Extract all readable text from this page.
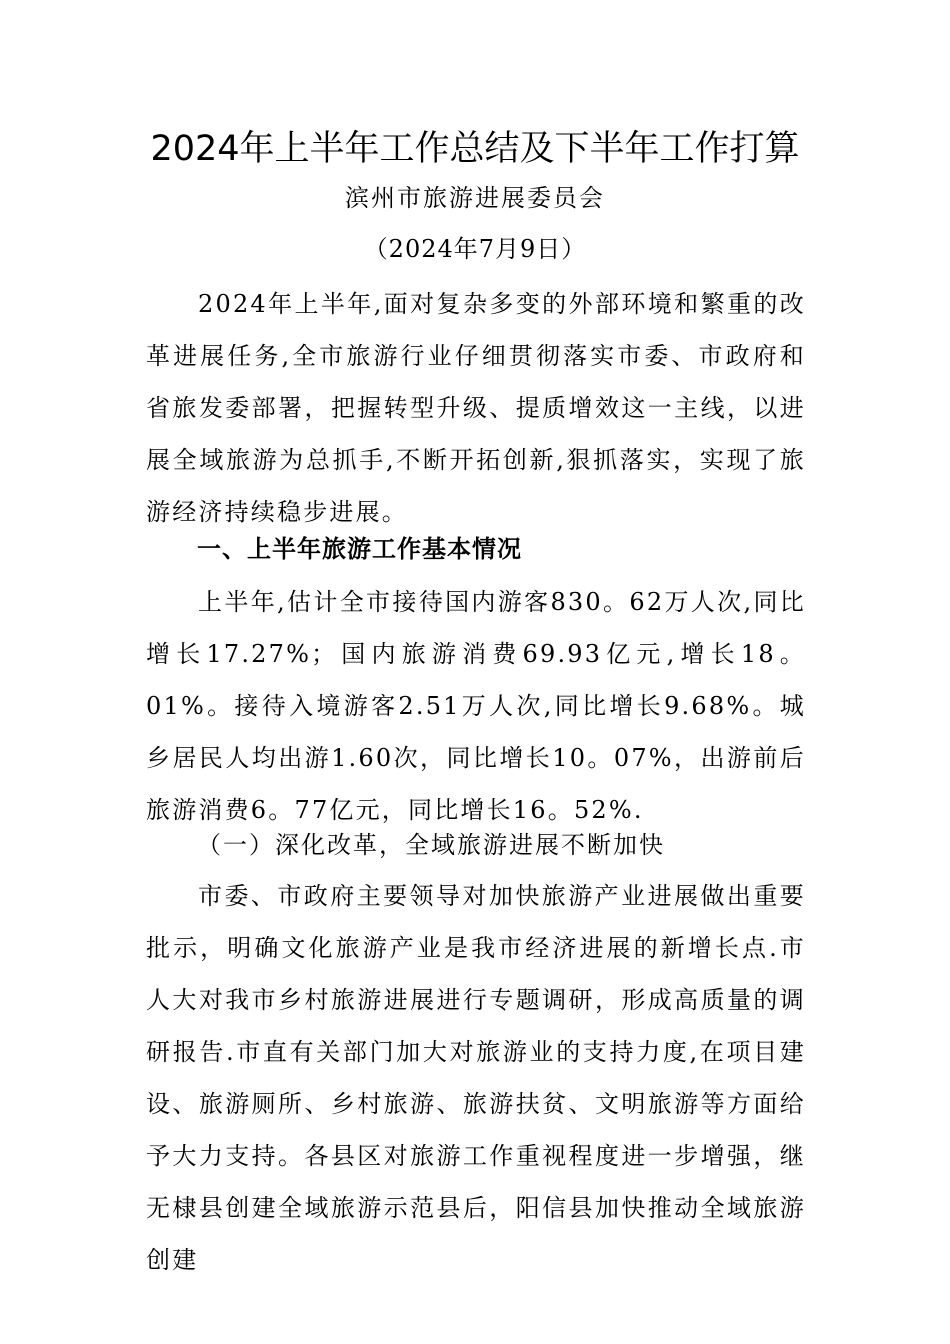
2024年上半年工作总结及下半年工作打算
滨州市旅游进展委员会
（2024年7月9日）

2024年上半年,面对复杂多变的外部环境和繁重的改革进展任务,全市旅游行业仔细贯彻落实市委、市政府和省旅发委部署，把握转型升级、提质增效这一主线，以进展全域旅游为总抓手,不断开拓创新,狠抓落实，实现了旅游经济持续稳步进展。

一、上半年旅游工作基本情况

上半年,估计全市接待国内游客830。62万人次,同比增长17.27%；国内旅游消费69.93亿元,增长18。01%。接待入境游客2.51万人次,同比增长9.68%。城乡居民人均出游1.60次，同比增长10。07%，出游前后旅游消费6。77亿元，同比增长16。52%.

（一）深化改革，全域旅游进展不断加快

市委、市政府主要领导对加快旅游产业进展做出重要批示，明确文化旅游产业是我市经济进展的新增长点.市人大对我市乡村旅游进展进行专题调研，形成高质量的调研报告.市直有关部门加大对旅游业的支持力度,在项目建设、旅游厕所、乡村旅游、旅游扶贫、文明旅游等方面给予大力支持。各县区对旅游工作重视程度进一步增强，继无棣县创建全域旅游示范县后，阳信县加快推动全域旅游创建
